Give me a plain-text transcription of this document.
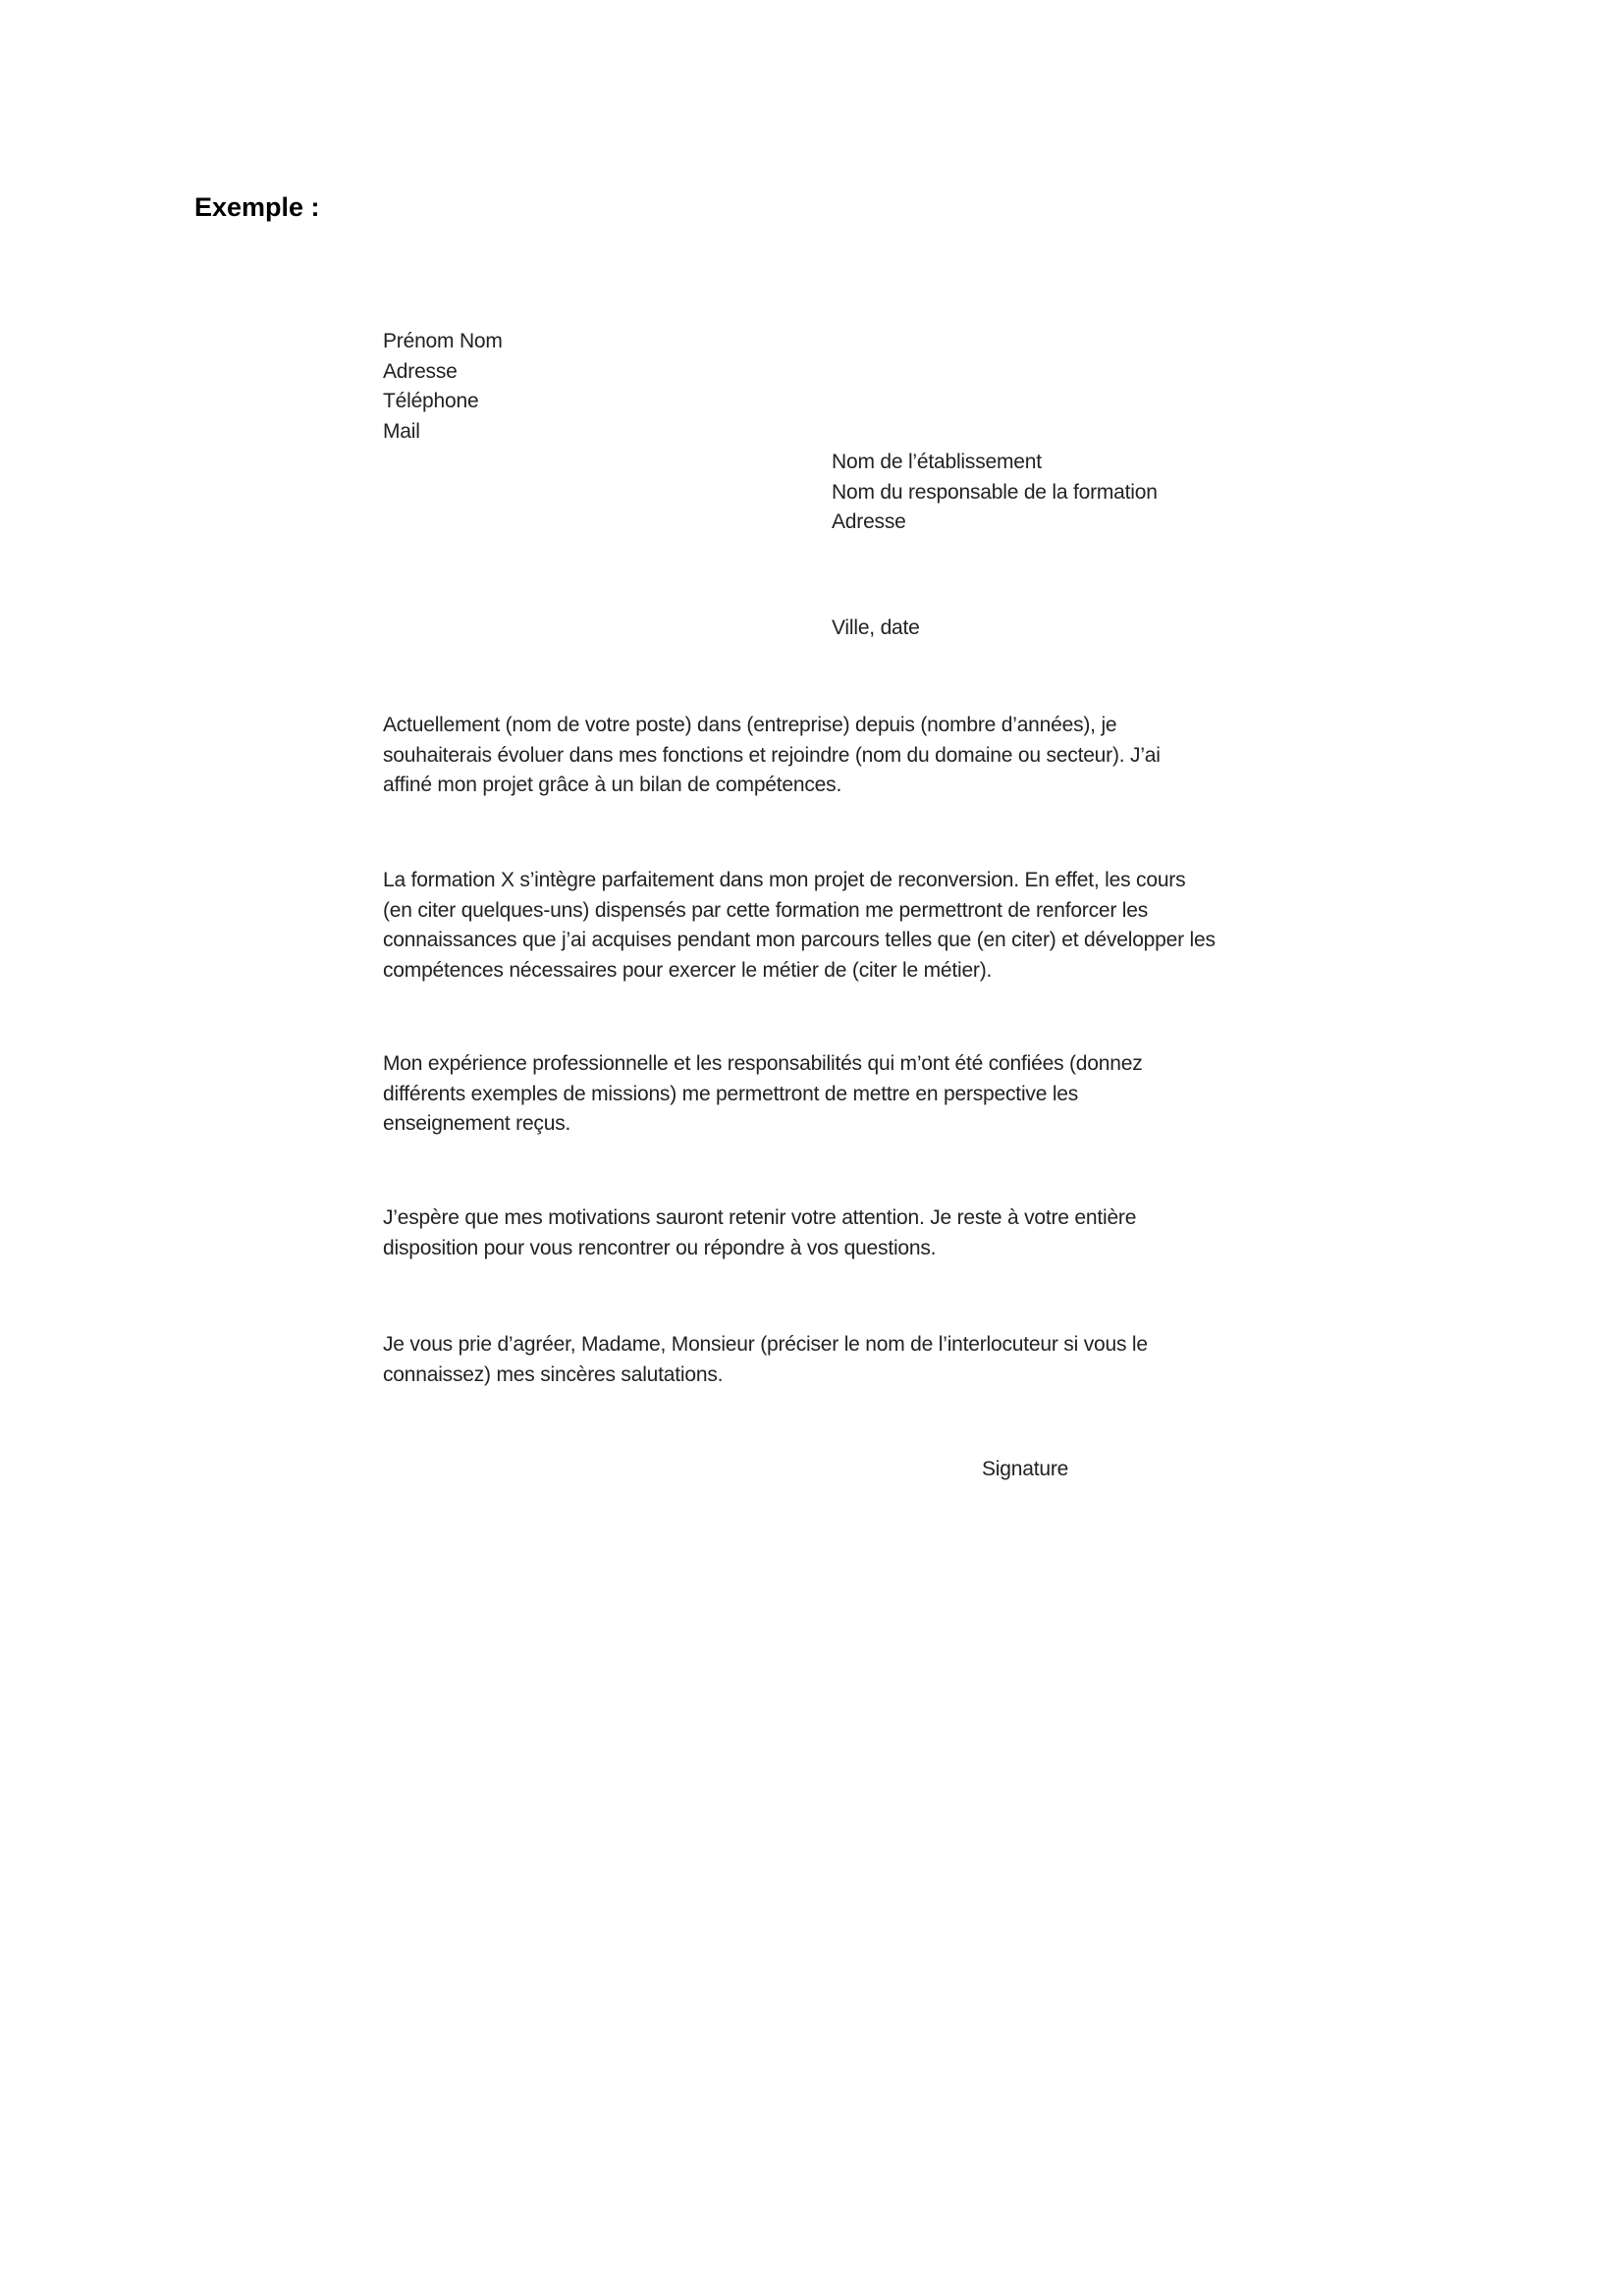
Exemple :
Prénom Nom
Adresse
Téléphone
Mail
Nom de l’établissement
Nom du responsable de la formation
Adresse
Ville, date
Actuellement (nom de votre poste) dans (entreprise) depuis (nombre d’années), je
souhaiterais évoluer dans mes fonctions et rejoindre (nom du domaine ou secteur). J’ai
affiné mon projet grâce à un bilan de compétences.
La formation X s’intègre parfaitement dans mon projet de reconversion. En effet, les cours
(en citer quelques-uns) dispensés par cette formation me permettront de renforcer les
connaissances que j’ai acquises pendant mon parcours telles que (en citer) et développer les
compétences nécessaires pour exercer le métier de (citer le métier).
Mon expérience professionnelle et les responsabilités qui m’ont été confiées (donnez
différents exemples de missions) me permettront de mettre en perspective les
enseignement reçus.
J’espère que mes motivations sauront retenir votre attention. Je reste à votre entière
disposition pour vous rencontrer ou répondre à vos questions.
Je vous prie d’agréer, Madame, Monsieur (préciser le nom de l’interlocuteur si vous le
connaissez) mes sincères salutations.
Signature
